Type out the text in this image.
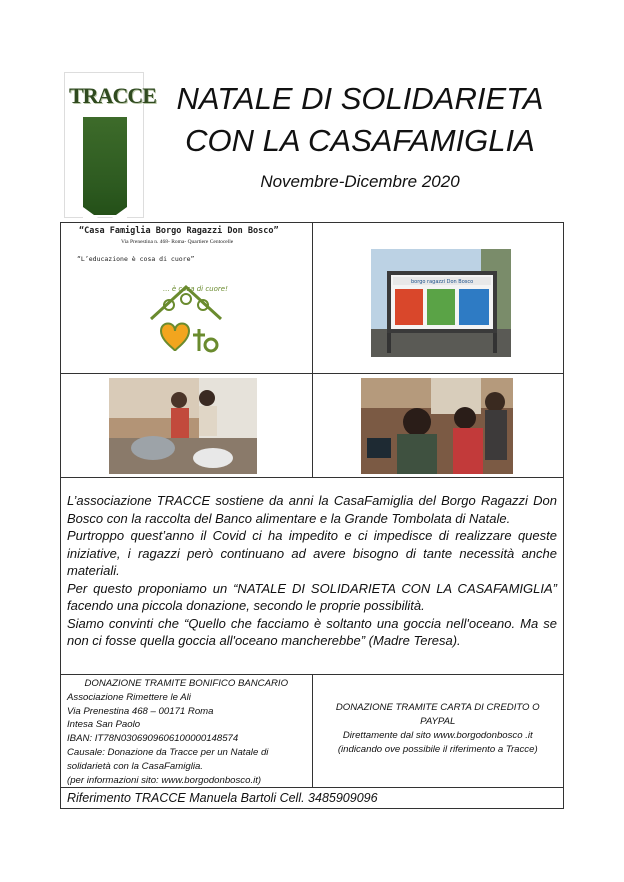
TRACCE NATALE DI SOLIDARIETA
CON LA CASAFAMIGLIA
Novembre-Dicembre 2020
“Casa Famiglia Borgo Ragazzi Don Bosco”
Via Prenestina n. 468- Roma- Quartiere Centocelle
“L’educazione è cosa di cuore”
... è cosa di cuore!
borgo ragazzi Don Bosco

L’associazione TRACCE sostiene da anni la CasaFamiglia del Borgo Ragazzi Don Bosco con la raccolta del Banco alimentare e la Grande Tombolata di Natale.

Purtroppo quest’anno il Covid ci ha impedito e ci impedisce di realizzare queste iniziative, i ragazzi però continuano ad avere bisogno di tante necessità anche materiali.

Per questo proponiamo un “NATALE DI SOLIDARIETA CON LA CASAFAMIGLIA” facendo una piccola donazione, secondo le proprie possibilità.

Siamo convinti che “Quello che facciamo è soltanto una goccia nell'oceano. Ma se non ci fosse quella goccia all'oceano mancherebbe” (Madre Teresa).

DONAZIONE TRAMITE BONIFICO BANCARIO
Associazione Rimettere le Ali
Via Prenestina 468 – 00171 Roma
Intesa San Paolo
IBAN: IT78N0306909606100000148574
Causale: Donazione da Tracce per un Natale di solidarietà con la CasaFamiglia.
(per informazioni sito: www.borgodonbosco.it)
DONAZIONE TRAMITE CARTA DI CREDITO O PAYPAL
Direttamente dal sito www.borgodonbosco .it
(indicando ove possibile il riferimento a Tracce)
Riferimento TRACCE Manuela Bartoli Cell. 3485909096
